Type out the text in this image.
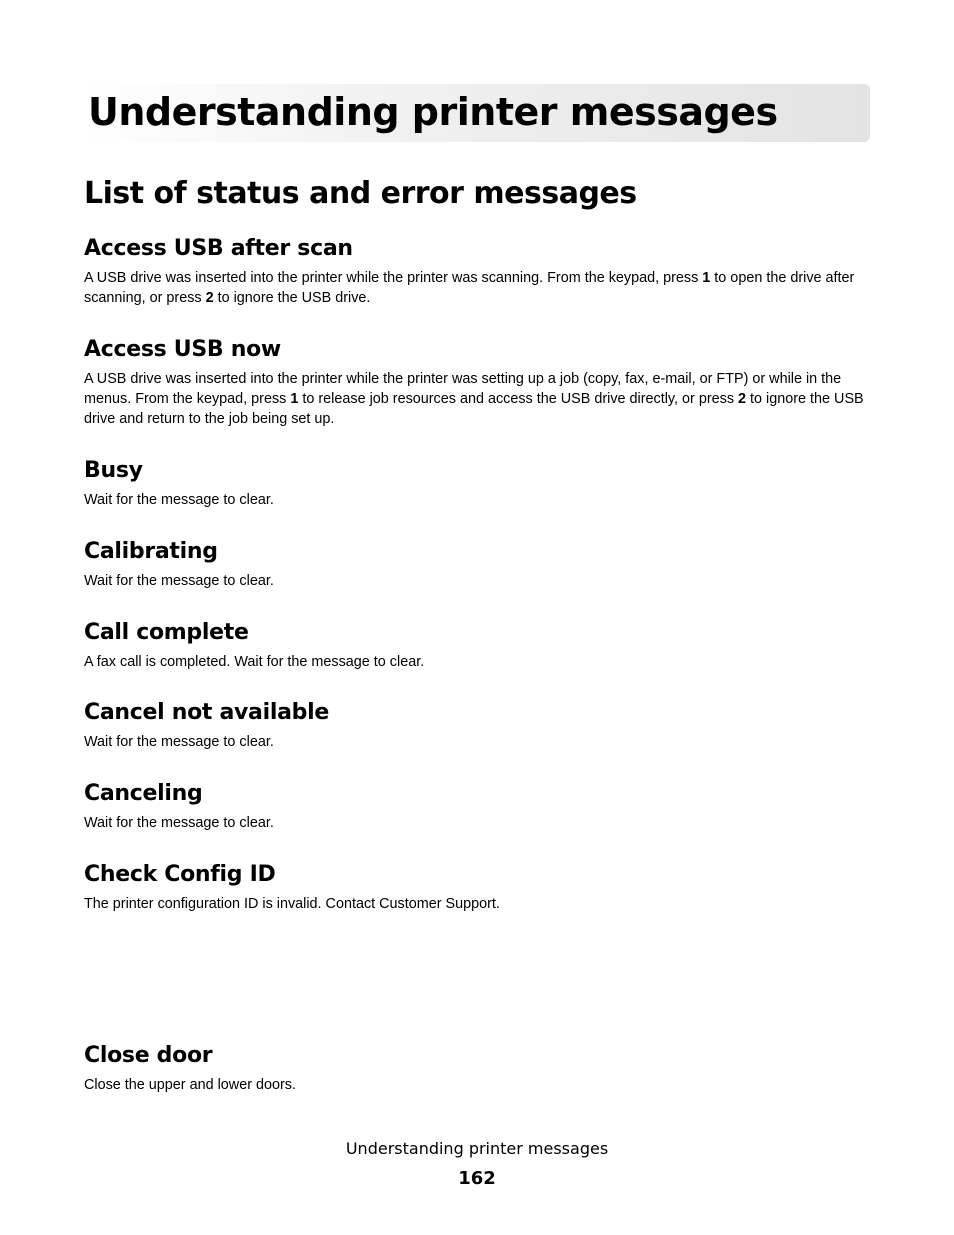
Understanding printer messages
List of status and error messages
Access USB after scan

A USB drive was inserted into the printer while the printer was scanning. From the keypad, press 1 to open the drive after scanning, or press 2 to ignore the USB drive.

Access USB now

A USB drive was inserted into the printer while the printer was setting up a job (copy, fax, e-mail, or FTP) or while in the menus. From the keypad, press 1 to release job resources and access the USB drive directly, or press 2 to ignore the USB drive and return to the job being set up.

Busy

Wait for the message to clear.

Calibrating

Wait for the message to clear.

Call complete

A fax call is completed. Wait for the message to clear.

Cancel not available

Wait for the message to clear.

Canceling

Wait for the message to clear.

Check Config ID

The printer configuration ID is invalid. Contact Customer Support.

Close door

Close the upper and lower doors.

Understanding printer messages
162
